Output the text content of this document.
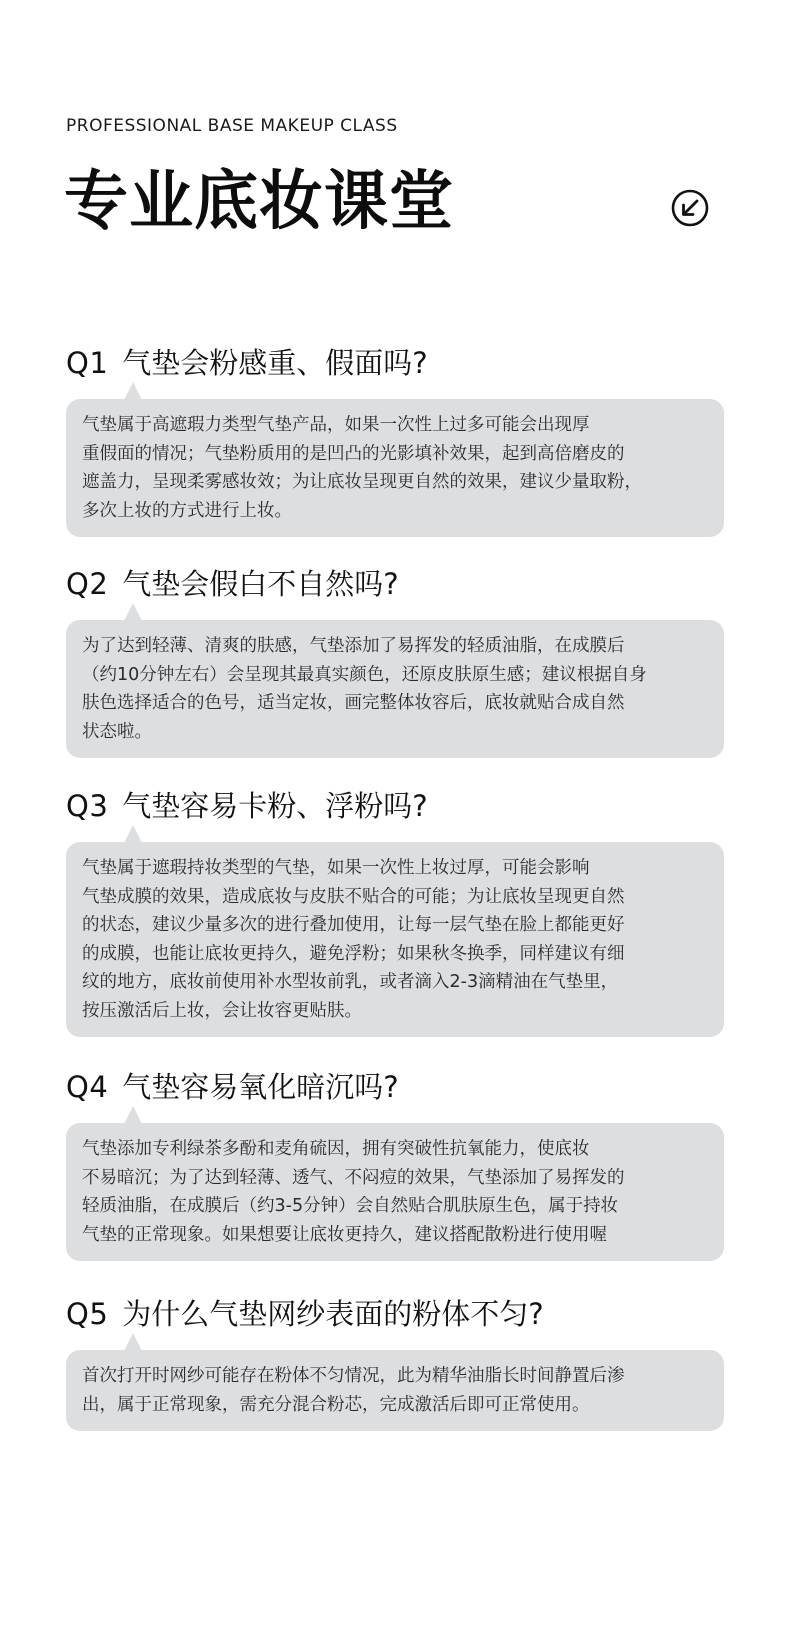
PROFESSIONAL BASE MAKEUP CLASS
专业底妆课堂
Q1 气垫会粉感重、假面吗?
气垫属于高遮瑕力类型气垫产品，如果一次性上过多可能会出现厚
重假面的情况；气垫粉质用的是凹凸的光影填补效果，起到高倍磨皮的
遮盖力，呈现柔雾感妆效；为让底妆呈现更自然的效果，建议少量取粉，
多次上妆的方式进行上妆。
Q2 气垫会假白不自然吗?
为了达到轻薄、清爽的肤感，气垫添加了易挥发的轻质油脂，在成膜后
（约10分钟左右）会呈现其最真实颜色，还原皮肤原生感；建议根据自身
肤色选择适合的色号，适当定妆，画完整体妆容后，底妆就贴合成自然
状态啦。
Q3 气垫容易卡粉、浮粉吗?
气垫属于遮瑕持妆类型的气垫，如果一次性上妆过厚，可能会影响
气垫成膜的效果，造成底妆与皮肤不贴合的可能；为让底妆呈现更自然
的状态，建议少量多次的进行叠加使用，让每一层气垫在脸上都能更好
的成膜，也能让底妆更持久，避免浮粉；如果秋冬换季，同样建议有细
纹的地方，底妆前使用补水型妆前乳，或者滴入2-3滴精油在气垫里，
按压激活后上妆，会让妆容更贴肤。
Q4 气垫容易氧化暗沉吗?
气垫添加专利绿茶多酚和麦角硫因，拥有突破性抗氧能力，使底妆
不易暗沉；为了达到轻薄、透气、不闷痘的效果，气垫添加了易挥发的
轻质油脂，在成膜后（约3-5分钟）会自然贴合肌肤原生色，属于持妆
气垫的正常现象。如果想要让底妆更持久，建议搭配散粉进行使用喔
Q5 为什么气垫网纱表面的粉体不匀?
首次打开时网纱可能存在粉体不匀情况，此为精华油脂长时间静置后渗
出，属于正常现象，需充分混合粉芯，完成激活后即可正常使用。
